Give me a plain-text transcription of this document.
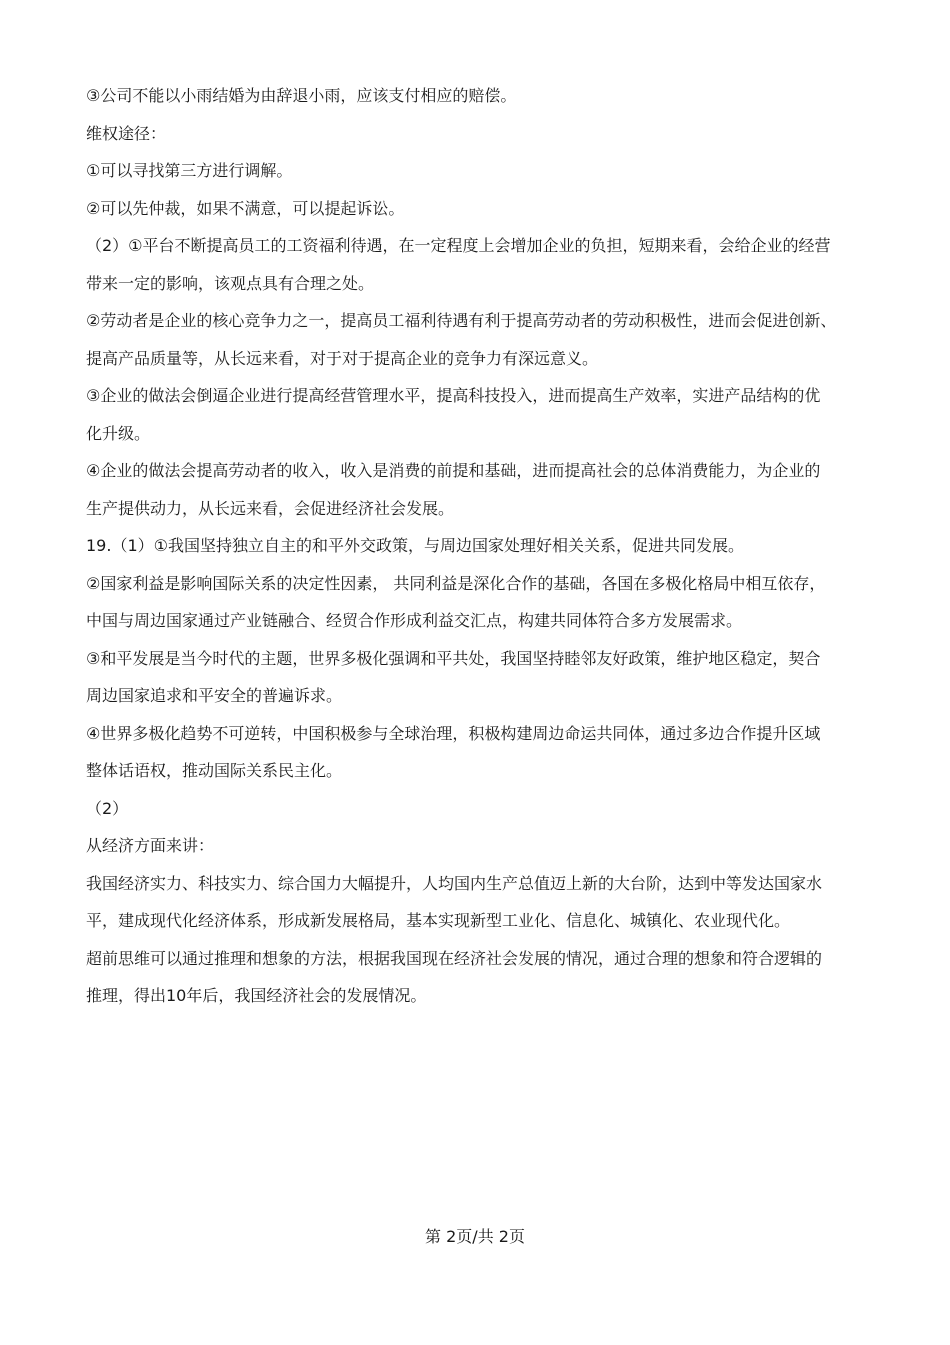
③公司不能以小雨结婚为由辞退小雨，应该支付相应的赔偿。
维权途径：
①可以寻找第三方进行调解。
②可以先仲裁，如果不满意，可以提起诉讼。
（2）①平台不断提高员工的工资福利待遇，在一定程度上会增加企业的负担，短期来看，会给企业的经营
带来一定的影响，该观点具有合理之处。
②劳动者是企业的核心竞争力之一，提高员工福利待遇有利于提高劳动者的劳动积极性，进而会促进创新、
提高产品质量等，从长远来看，对于对于提高企业的竞争力有深远意义。
③企业的做法会倒逼企业进行提高经营管理水平，提高科技投入，进而提高生产效率，实进产品结构的优
化升级。
④企业的做法会提高劳动者的收入，收入是消费的前提和基础，进而提高社会的总体消费能力，为企业的
生产提供动力，从长远来看，会促进经济社会发展。
19.（1）①我国坚持独立自主的和平外交政策，与周边国家处理好相关关系，促进共同发展。
②国家利益是影响国际关系的决定性因素， 共同利益是深化合作的基础，各国在多极化格局中相互依存，
中国与周边国家通过产业链融合、经贸合作形成利益交汇点，构建共同体符合多方发展需求。
③和平发展是当今时代的主题，世界多极化强调和平共处，我国坚持睦邻友好政策，维护地区稳定，契合
周边国家追求和平安全的普遍诉求。
④世界多极化趋势不可逆转，中国积极参与全球治理，积极构建周边命运共同体，通过多边合作提升区域
整体话语权，推动国际关系民主化。
（2）
从经济方面来讲：
我国经济实力、科技实力、综合国力大幅提升，人均国内生产总值迈上新的大台阶，达到中等发达国家水
平，建成现代化经济体系，形成新发展格局，基本实现新型工业化、信息化、城镇化、农业现代化。
超前思维可以通过推理和想象的方法，根据我国现在经济社会发展的情况，通过合理的想象和符合逻辑的
推理，得出10年后，我国经济社会的发展情况。
第 2页/共 2页
